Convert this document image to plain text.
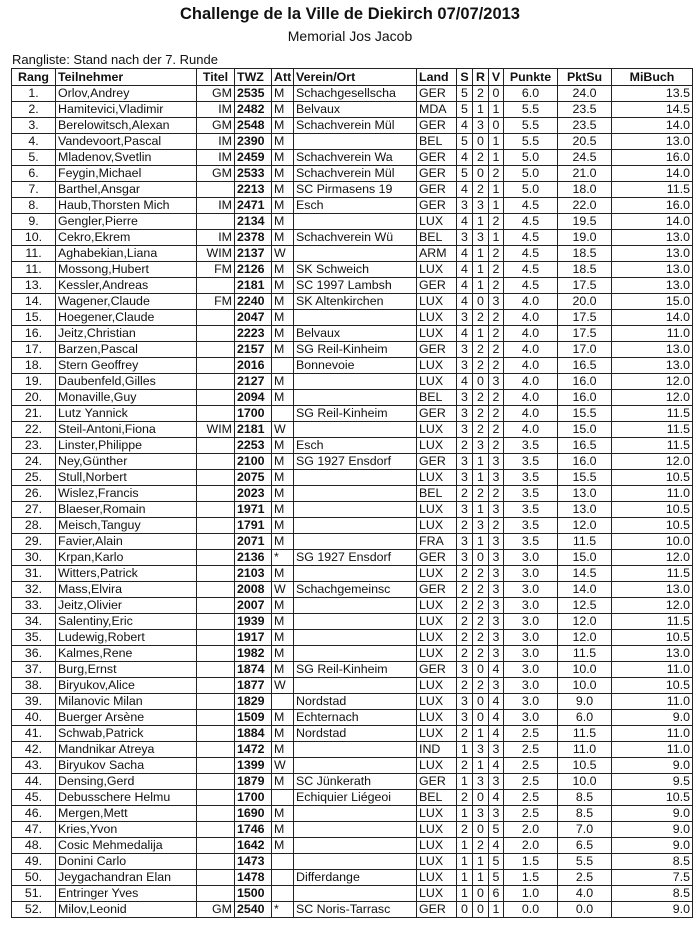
Challenge de la Ville de Diekirch 07/07/2013
Memorial Jos Jacob
Rangliste: Stand nach der 7. Runde
Rang	Teilnehmer	Titel	TWZ	Att	Verein/Ort	Land	S	R	V	Punkte	PktSu	MiBuch
1.	Orlov,Andrey	GM	2535	M	Schachgesellscha	GER	5	2	0	6.0	24.0	13.5
2.	Hamitevici,Vladimir	IM	2482	M	Belvaux	MDA	5	1	1	5.5	23.5	14.5
3.	Berelowitsch,Alexan	GM	2548	M	Schachverein Mül	GER	4	3	0	5.5	23.5	14.0
4.	Vandevoort,Pascal	IM	2390	M		BEL	5	0	1	5.5	20.5	13.0
5.	Mladenov,Svetlin	IM	2459	M	Schachverein Wa	GER	4	2	1	5.0	24.5	16.0
6.	Feygin,Michael	GM	2533	M	Schachverein Mül	GER	5	0	2	5.0	21.0	14.0
7.	Barthel,Ansgar		2213	M	SC Pirmasens 19	GER	4	2	1	5.0	18.0	11.5
8.	Haub,Thorsten Mich	IM	2471	M	Esch	GER	3	3	1	4.5	22.0	16.0
9.	Gengler,Pierre		2134	M		LUX	4	1	2	4.5	19.5	14.0
10.	Cekro,Ekrem	IM	2378	M	Schachverein Wü	BEL	3	3	1	4.5	19.0	13.0
11.	Aghabekian,Liana	WIM	2137	W		ARM	4	1	2	4.5	18.5	13.0
11.	Mossong,Hubert	FM	2126	M	SK Schweich	LUX	4	1	2	4.5	18.5	13.0
13.	Kessler,Andreas		2181	M	SC 1997 Lambsh	GER	4	1	2	4.5	17.5	13.0
14.	Wagener,Claude	FM	2240	M	SK Altenkirchen	LUX	4	0	3	4.0	20.0	15.0
15.	Hoegener,Claude		2047	M		LUX	3	2	2	4.0	17.5	14.0
16.	Jeitz,Christian		2223	M	Belvaux	LUX	4	1	2	4.0	17.5	11.0
17.	Barzen,Pascal		2157	M	SG Reil-Kinheim	GER	3	2	2	4.0	17.0	13.0
18.	Stern Geoffrey		2016		Bonnevoie	LUX	3	2	2	4.0	16.5	13.0
19.	Daubenfeld,Gilles		2127	M		LUX	4	0	3	4.0	16.0	12.0
20.	Monaville,Guy		2094	M		BEL	3	2	2	4.0	16.0	12.0
21.	Lutz Yannick		1700		SG Reil-Kinheim	GER	3	2	2	4.0	15.5	11.5
22.	Steil-Antoni,Fiona	WIM	2181	W		LUX	3	2	2	4.0	15.0	11.5
23.	Linster,Philippe		2253	M	Esch	LUX	2	3	2	3.5	16.5	11.5
24.	Ney,Günther		2100	M	SG 1927 Ensdorf	GER	3	1	3	3.5	16.0	12.0
25.	Stull,Norbert		2075	M		LUX	3	1	3	3.5	15.5	10.5
26.	Wislez,Francis		2023	M		BEL	2	2	2	3.5	13.0	11.0
27.	Blaeser,Romain		1971	M		LUX	3	1	3	3.5	13.0	10.5
28.	Meisch,Tanguy		1791	M		LUX	2	3	2	3.5	12.0	10.5
29.	Favier,Alain		2071	M		FRA	3	1	3	3.5	11.5	10.0
30.	Krpan,Karlo		2136	*	SG 1927 Ensdorf	GER	3	0	3	3.0	15.0	12.0
31.	Witters,Patrick		2103	M		LUX	2	2	3	3.0	14.5	11.5
32.	Mass,Elvira		2008	W	Schachgemeinsc	GER	2	2	3	3.0	14.0	13.0
33.	Jeitz,Olivier		2007	M		LUX	2	2	3	3.0	12.5	12.0
34.	Salentiny,Eric		1939	M		LUX	2	2	3	3.0	12.0	11.5
35.	Ludewig,Robert		1917	M		LUX	2	2	3	3.0	12.0	10.5
36.	Kalmes,Rene		1982	M		LUX	2	2	3	3.0	11.5	13.0
37.	Burg,Ernst		1874	M	SG Reil-Kinheim	GER	3	0	4	3.0	10.0	11.0
38.	Biryukov,Alice		1877	W		LUX	2	2	3	3.0	10.0	10.5
39.	Milanovic Milan		1829		Nordstad	LUX	3	0	4	3.0	9.0	11.0
40.	Buerger Arsène		1509	M	Echternach	LUX	3	0	4	3.0	6.0	9.0
41.	Schwab,Patrick		1884	M	Nordstad	LUX	2	1	4	2.5	11.5	11.0
42.	Mandnikar Atreya		1472	M		IND	1	3	3	2.5	11.0	11.0
43.	Biryukov Sacha		1399	W		LUX	2	1	4	2.5	10.5	9.0
44.	Densing,Gerd		1879	M	SC Jünkerath	GER	1	3	3	2.5	10.0	9.5
45.	Debusschere Helmu		1700		Echiquier Liégeoi	BEL	2	0	4	2.5	8.5	10.5
46.	Mergen,Mett		1690	M		LUX	1	3	3	2.5	8.5	9.0
47.	Kries,Yvon		1746	M		LUX	2	0	5	2.0	7.0	9.0
48.	Cosic Mehmedalija		1642	M		LUX	1	2	4	2.0	6.5	9.0
49.	Donini Carlo		1473			LUX	1	1	5	1.5	5.5	8.5
50.	Jeygachandran Elan		1478		Differdange	LUX	1	1	5	1.5	2.5	7.5
51.	Entringer Yves		1500			LUX	1	0	6	1.0	4.0	8.5
52.	Milov,Leonid	GM	2540	*	SC Noris-Tarrasc	GER	0	0	1	0.0	0.0	9.0
